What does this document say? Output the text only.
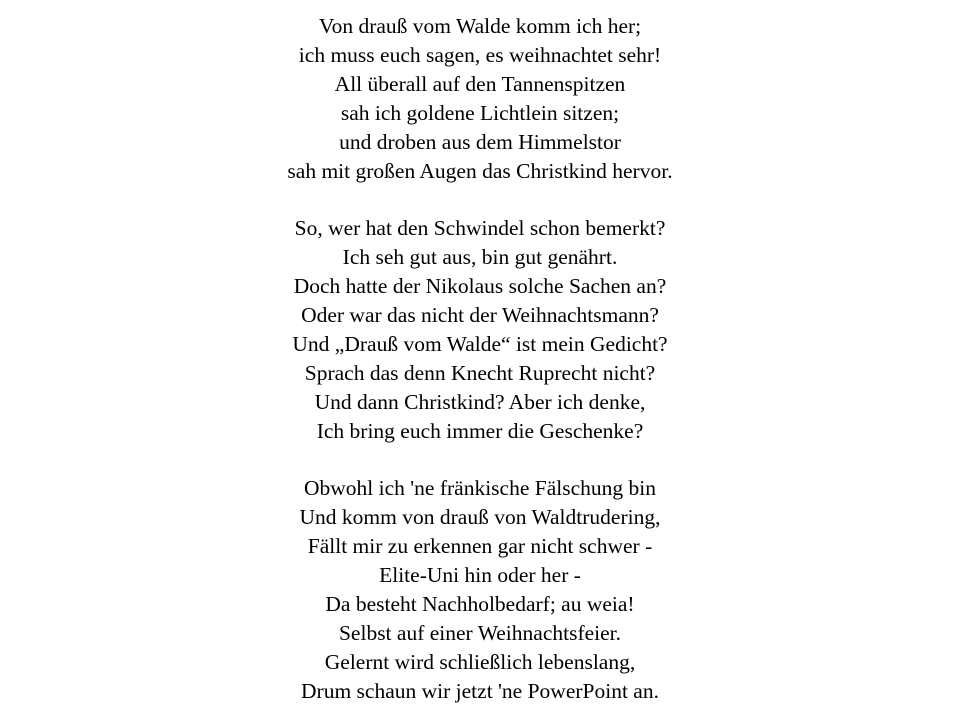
Von drauß vom Walde komm ich her;
ich muss euch sagen, es weihnachtet sehr!
All überall auf den Tannenspitzen
sah ich goldene Lichtlein sitzen;
und droben aus dem Himmelstor
sah mit großen Augen das Christkind hervor.

So, wer hat den Schwindel schon bemerkt?
Ich seh gut aus, bin gut genährt.
Doch hatte der Nikolaus solche Sachen an?
Oder war das nicht der Weihnachtsmann?
Und „Drauß vom Walde“ ist mein Gedicht?
Sprach das denn Knecht Ruprecht nicht?
Und dann Christkind? Aber ich denke,
Ich bring euch immer die Geschenke?

Obwohl ich 'ne fränkische Fälschung bin
Und komm von drauß von Waldtrudering,
Fällt mir zu erkennen gar nicht schwer -
Elite-Uni hin oder her -
Da besteht Nachholbedarf; au weia!
Selbst auf einer Weihnachtsfeier.
Gelernt wird schließlich lebenslang,
Drum schaun wir jetzt 'ne PowerPoint an.
